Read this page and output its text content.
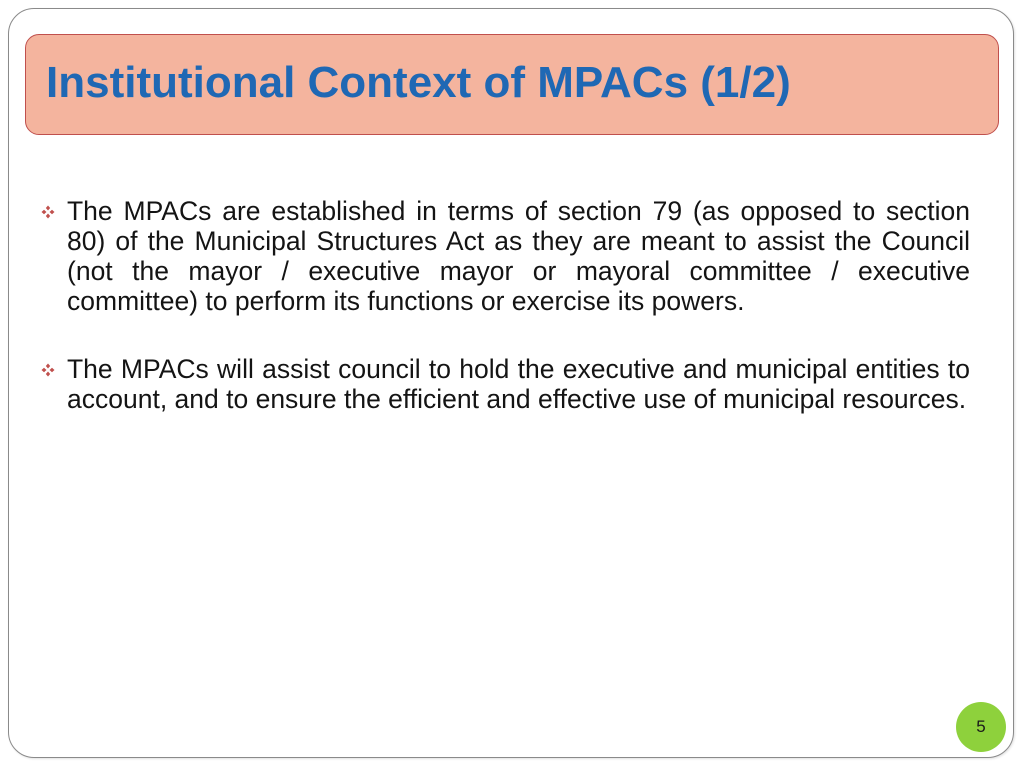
Institutional Context of MPACs (1/2)
The MPACs are established in terms of section 79 (as opposed to section 80) of the Municipal Structures Act as they are meant to assist the Council (not the mayor / executive mayor or mayoral committee / executive committee) to perform its functions or exercise its powers.
The MPACs will assist council to hold the executive and municipal entities to account, and to ensure the efficient and effective use of municipal resources.
5
